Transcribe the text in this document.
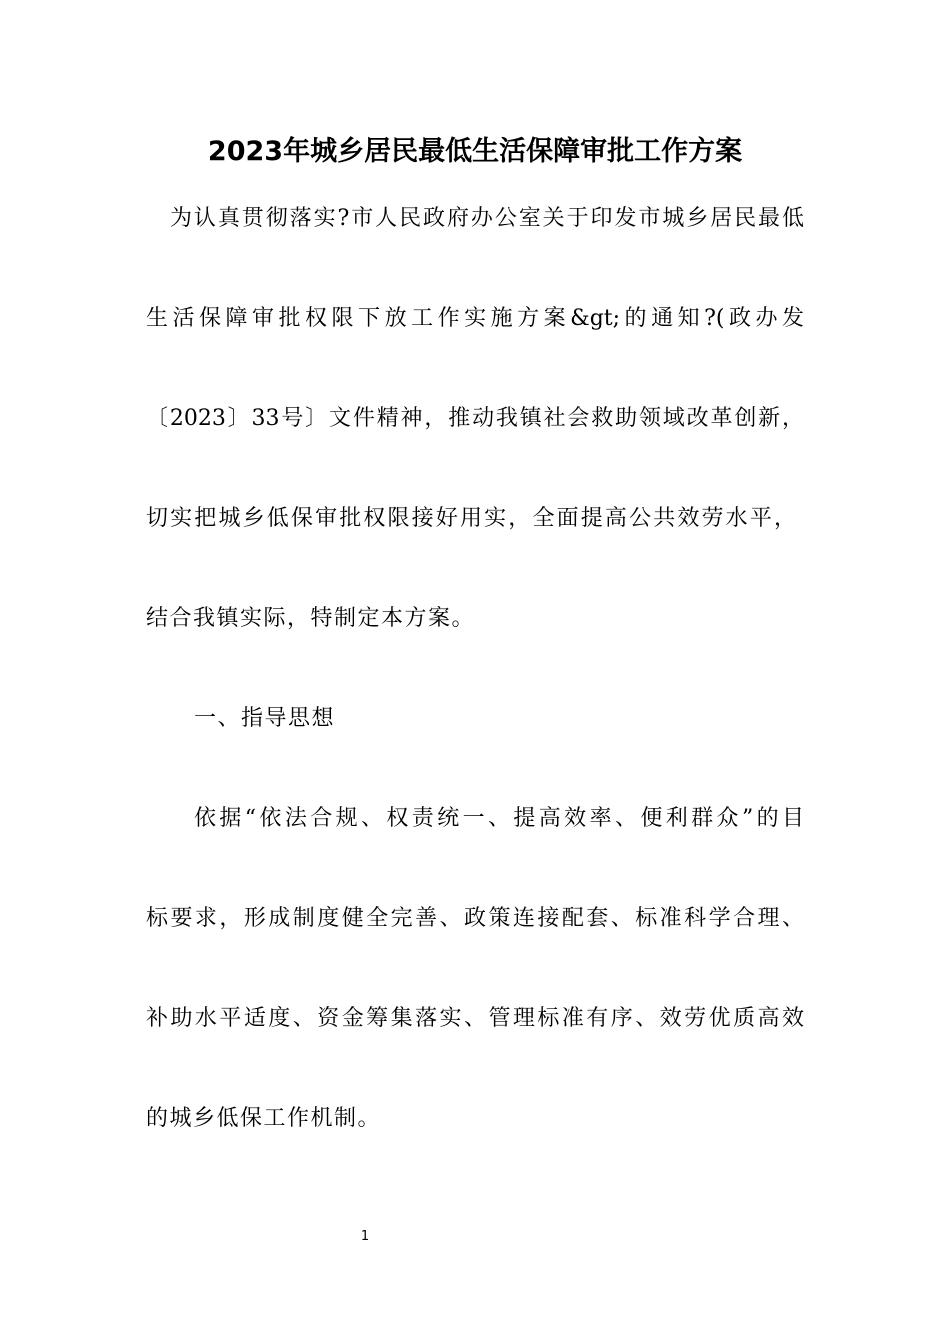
2023年城乡居民最低生活保障审批工作方案

为认真贯彻落实?市人民政府办公室关于印发市城乡居民最低

生活保障审批权限下放工作实施方案&gt;的通知?(政办发

〔2023〕33号〕文件精神，推动我镇社会救助领域改革创新，

切实把城乡低保审批权限接好用实，全面提高公共效劳水平，

结合我镇实际，特制定本方案。

一、指导思想

依据“依法合规、权责统一、提高效率、便利群众”的目

标要求，形成制度健全完善、政策连接配套、标准科学合理、

补助水平适度、资金筹集落实、管理标准有序、效劳优质高效

的城乡低保工作机制。

1
